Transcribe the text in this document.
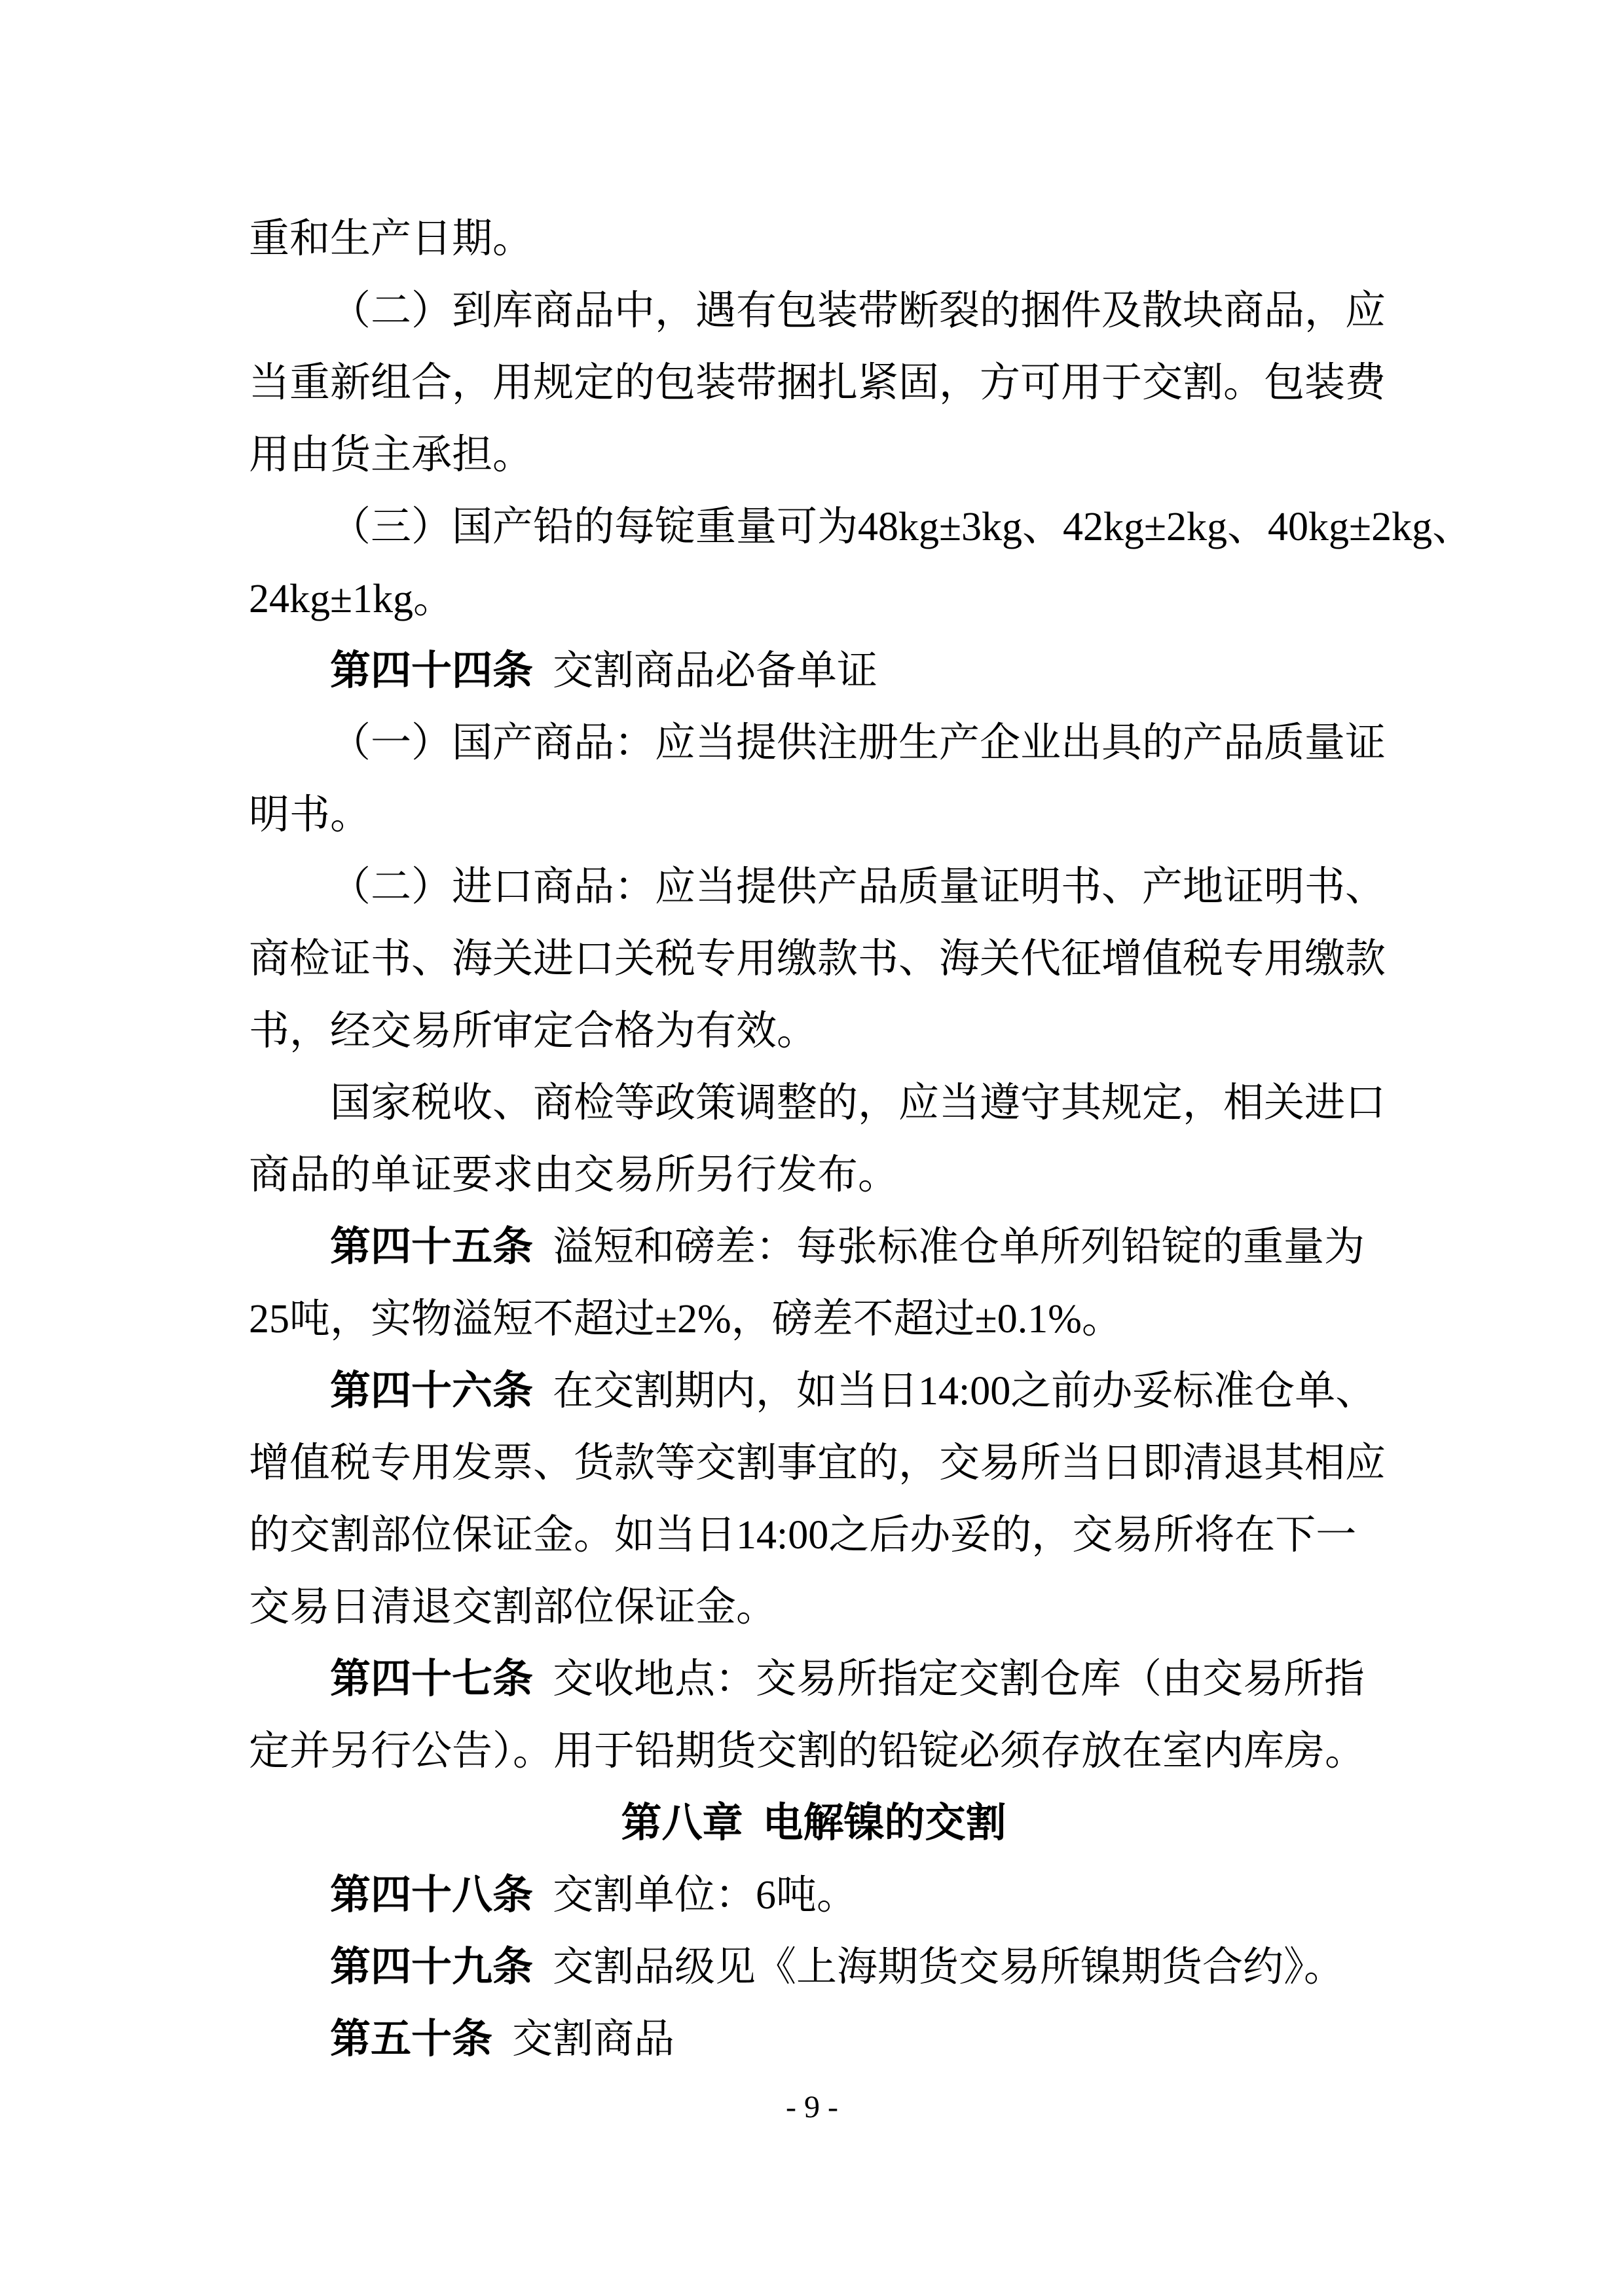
重和生产日期。
（二）到库商品中，遇有包装带断裂的捆件及散块商品，应
当重新组合，用规定的包装带捆扎紧固，方可用于交割。包装费
用由货主承担。
（三）国产铅的每锭重量可为48kg±3kg、42kg±2kg、40kg±2kg、
24kg±1kg。
第四十四条 交割商品必备单证
（一）国产商品：应当提供注册生产企业出具的产品质量证
明书。
（二）进口商品：应当提供产品质量证明书、产地证明书、
商检证书、海关进口关税专用缴款书、海关代征增值税专用缴款
书，经交易所审定合格为有效。
国家税收、商检等政策调整的，应当遵守其规定，相关进口
商品的单证要求由交易所另行发布。
第四十五条 溢短和磅差：每张标准仓单所列铅锭的重量为
25吨，实物溢短不超过±2%，磅差不超过±0.1%。
第四十六条 在交割期内，如当日14:00之前办妥标准仓单、
增值税专用发票、货款等交割事宜的，交易所当日即清退其相应
的交割部位保证金。如当日14:00之后办妥的，交易所将在下一
交易日清退交割部位保证金。
第四十七条 交收地点：交易所指定交割仓库（由交易所指
定并另行公告）。用于铅期货交割的铅锭必须存放在室内库房。
第八章 电解镍的交割
第四十八条 交割单位：6吨。
第四十九条 交割品级见《上海期货交易所镍期货合约》。
第五十条 交割商品
- 9 -
